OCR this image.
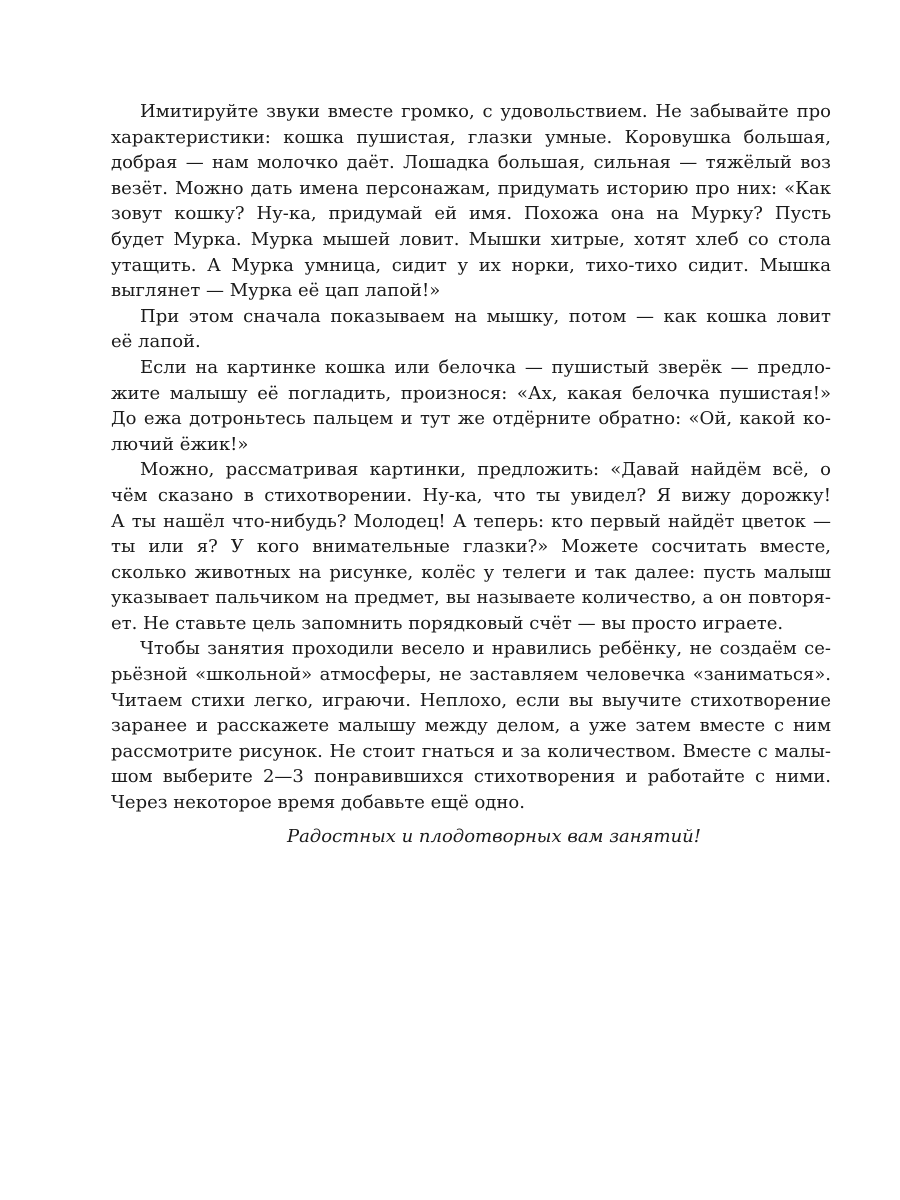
Имитируйте звуки вместе громко, с удовольствием. Не забывайте про
характеристики: кошка пушистая, глазки умные. Коровушка большая,
добрая — нам молочко даёт. Лошадка большая, сильная — тяжёлый воз
везёт. Можно дать имена персонажам, придумать историю про них: «Как
зовут кошку? Ну-ка, придумай ей имя. Похожа она на Мурку? Пусть
будет Мурка. Мурка мышей ловит. Мышки хитрые, хотят хлеб со стола
утащить. А Мурка умница, сидит у их норки, тихо-тихо сидит. Мышка
выглянет — Мурка её цап лапой!»
При этом сначала показываем на мышку, потом — как кошка ловит
её лапой.
Если на картинке кошка или белочка — пушистый зверёк — предло-
жите малышу её погладить, произнося: «Ах, какая белочка пушистая!»
До ежа дотроньтесь пальцем и тут же отдёрните обратно: «Ой, какой ко-
лючий ёжик!»
Можно, рассматривая картинки, предложить: «Давай найдём всё, о
чём сказано в стихотворении. Ну-ка, что ты увидел? Я вижу дорожку!
А ты нашёл что-нибудь? Молодец! А теперь: кто первый найдёт цветок —
ты или я? У кого внимательные глазки?» Можете сосчитать вместе,
сколько животных на рисунке, колёс у телеги и так далее: пусть малыш
указывает пальчиком на предмет, вы называете количество, а он повторя-
ет. Не ставьте цель запомнить порядковый счёт — вы просто играете.
Чтобы занятия проходили весело и нравились ребёнку, не создаём сe-
рьёзной «школьной» атмосферы, не заставляем человечка «заниматься».
Читаем стихи легко, играючи. Неплохо, если вы выучите стихотворение
заранее и расскажете малышу между делом, а уже затем вместе с ним
рассмотрите рисунок. Не стоит гнаться и за количеством. Вместе с малы-
шом выберите 2—3 понравившихся стихотворения и работайте с ними.
Через некоторое время добавьте ещё одно.
Радостных и плодотворных вам занятий!
